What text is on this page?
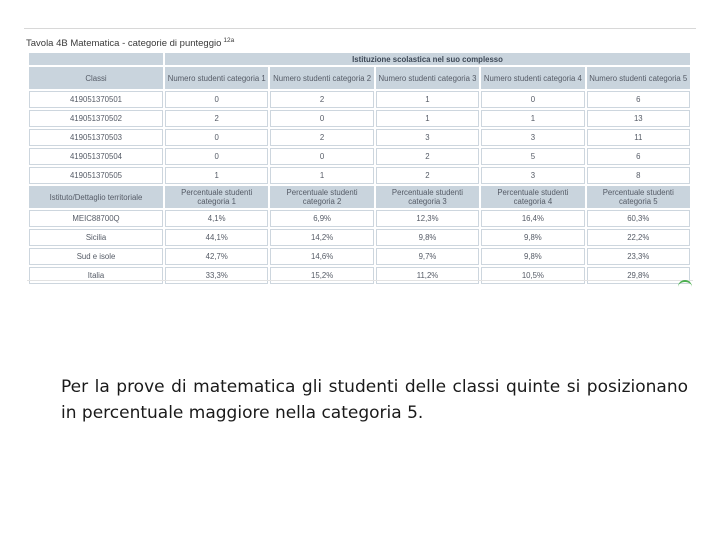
Tavola 4B Matematica - categorie di punteggio $^{12a}$
	Istituzione scolastica nel suo complesso				
Classi	Numero studenti categoria 1	Numero studenti categoria 2	Numero studenti categoria 3	Numero studenti categoria 4	Numero studenti categoria 5
419051370501	0	2	1	0	6
419051370502	2	0	1	1	13
419051370503	0	2	3	3	11
419051370504	0	0	2	5	6
419051370505	1	1	2	3	8
Istituto/Dettaglio territoriale	Percentuale studenti categoria 1	Percentuale studenti categoria 2	Percentuale studenti categoria 3	Percentuale studenti categoria 4	Percentuale studenti categoria 5
MEIC88700Q	4,1%	6,9%	12,3%	16,4%	60,3%
Sicilia	44,1%	14,2%	9,8%	9,8%	22,2%
Sud e isole	42,7%	14,6%	9,7%	9,8%	23,3%
Italia	33,3%	15,2%	11,2%	10,5%	29,8%

Per la prove di matematica gli studenti delle classi quinte si posizionano in percentuale maggiore nella categoria 5.
